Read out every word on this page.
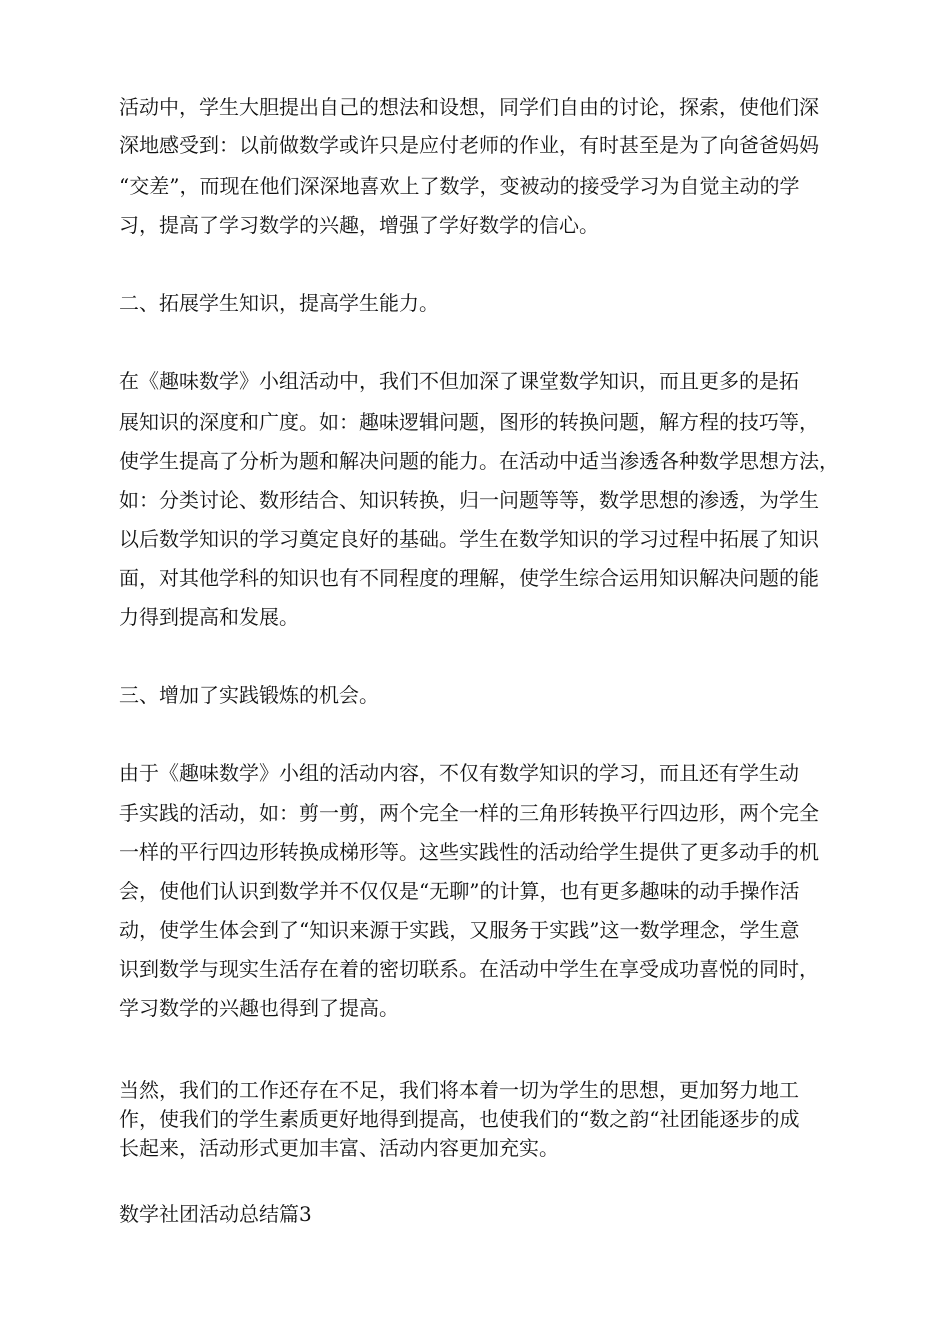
活动中，学生大胆提出自己的想法和设想，同学们自由的讨论，探索，使他们深

深地感受到：以前做数学或许只是应付老师的作业，有时甚至是为了向爸爸妈妈

“交差”，而现在他们深深地喜欢上了数学，变被动的接受学习为自觉主动的学

习，提高了学习数学的兴趣，增强了学好数学的信心。

二、拓展学生知识，提高学生能力。

在《趣味数学》小组活动中，我们不但加深了课堂数学知识，而且更多的是拓

展知识的深度和广度。如：趣味逻辑问题，图形的转换问题，解方程的技巧等，

使学生提高了分析为题和解决问题的能力。在活动中适当渗透各种数学思想方法，

如：分类讨论、数形结合、知识转换，归一问题等等，数学思想的渗透，为学生

以后数学知识的学习奠定良好的基础。学生在数学知识的学习过程中拓展了知识

面，对其他学科的知识也有不同程度的理解，使学生综合运用知识解决问题的能

力得到提高和发展。

三、增加了实践锻炼的机会。

由于《趣味数学》小组的活动内容，不仅有数学知识的学习，而且还有学生动

手实践的活动，如：剪一剪，两个完全一样的三角形转换平行四边形，两个完全

一样的平行四边形转换成梯形等。这些实践性的活动给学生提供了更多动手的机

会，使他们认识到数学并不仅仅是“无聊”的计算，也有更多趣味的动手操作活

动，使学生体会到了“知识来源于实践，又服务于实践”这一数学理念，学生意

识到数学与现实生活存在着的密切联系。在活动中学生在享受成功喜悦的同时，

学习数学的兴趣也得到了提高。

当然，我们的工作还存在不足，我们将本着一切为学生的思想，更加努力地工

作，使我们的学生素质更好地得到提高，也使我们的“数之韵“社团能逐步的成

长起来，活动形式更加丰富、活动内容更加充实。

数学社团活动总结篇3
